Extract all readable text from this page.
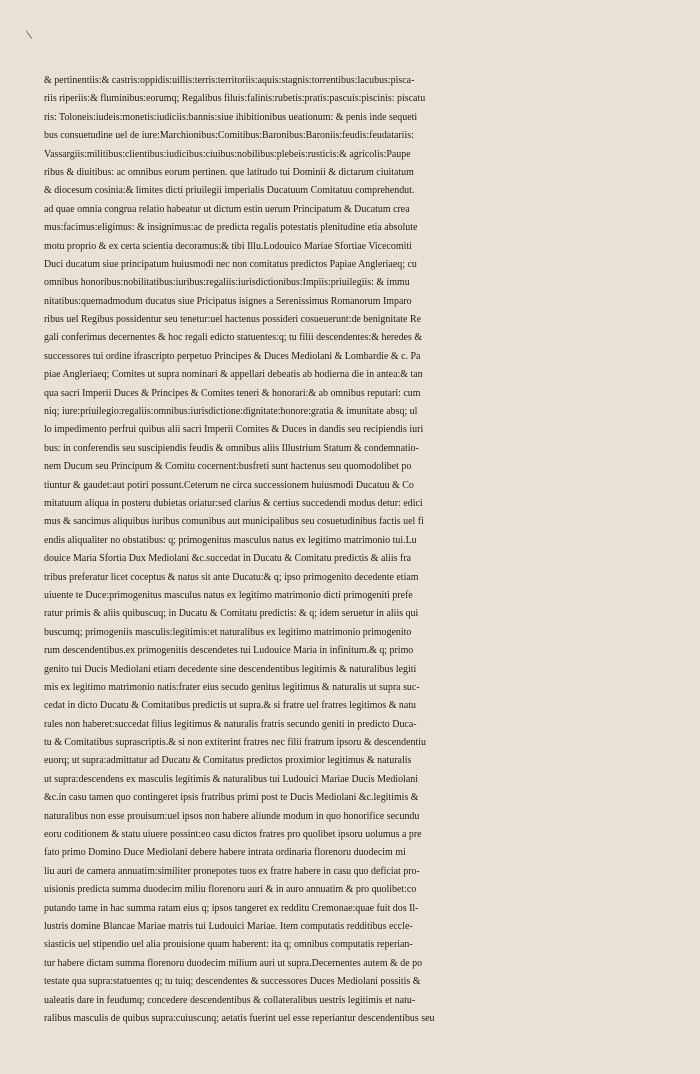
& pertinentiis:& castris:oppidis:uillis:terris:territoriis:aquis:stagnis:torrentibus:lacubus:pisca-
riis riperiis:& fluminibus:eorumq; Regalibus filuis:falinis:rubetis:pratis:pascuis:piscinis: piscatu
ris: Toloneis:iudeis:monetis:iudiciis:bannis:siue ihibitionibus ueationum: & penis inde sequeti
bus consuetudine uel de iure:Marchionibus:Comitibus:Baronibus:Baroniis:feudis:feudatariis:
Vassargiis:militibus:clientibus:iudicibus:ciuibus:nobilibus:plebeis:rusticis:& agricolis:Paupe
ribus & diuitibus: ac omnibus eorum pertinen. que latitudo tui Dominii & dictarum ciuitatum
& diocesum cosinia:& limites dicti priuilegii imperialis Ducatuum Comitatuu comprehendut.
ad quae omnia congrua relatio habeatur ut dictum estin uerum Principatum & Ducatum crea
mus:facimus:eligimus: & insignimus:ac de predicta regalis potestatis plenitudine etia absolute
motu proprio & ex certa scientia decoramus:& tibi Illu.Lodouico Mariae Sfortiae Vicecomiti
Duci ducatum siue principatum huiusmodi nec non comitatus predictos Papiae Angleriaeq; cu
omnibus honoribus:nobilitatibus:iuribus:regaliis:iurisdictionibus:Impiis:priuilegiis: & immu
nitatibus:quemadmodum ducatus siue Pricipatus isignes a Serenissimus Romanorum Imparo
ribus uel Regibus possidentur seu tenetur:uel hactenus possideri cosueuerunt:de benignitate Re
gali conferimus decernentes & hoc regali edicto statuentes:q; tu filii descendentes:& heredes &
successores tui ordine ifrascripto perpetuo Principes & Duces Mediolani & Lombardie & c. Pa
piae Angleriaeq; Comites ut supra nominari & appellari debeatis ab hodierna die in antea:& tan
qua sacri Imperii Duces & Principes & Comites teneri & honorari:& ab omnibus reputari: cum
niq; iure:priuilegio:regaliis:omnibus:iurisdictione:dignitate:honore:gratia & imunitate absq; ul
lo impedimento perfrui quibus alii sacri Imperii Comites & Duces in dandis seu recipiendis iuri
bus: in conferendis seu suscipiendis feudis & omnibus aliis Illustrium Statum & condemnatio-
nem Ducum seu Principum & Comitu cocernent:busfreti sunt hactenus seu quomodolibet po
tiuntur & gaudet:aut potiri possunt.Ceterum ne circa successionem huiusmodi Ducatuu & Co
mitatuum aliqua in posteru dubietas oriatur:sed clarius & certius succedendi modus detur: edici
mus & sancimus aliquibus iuribus comunibus aut municipalibus seu cosuetudinibus factis uel fi
endis aliqualiter no obstatibus: q; primogenitus masculus natus ex legitimo matrimonio tui.Lu
douice Maria Sfortia Dux Mediolani &c.succedat in Ducatu & Comitatu predictis & aliis fra
tribus preferatur licet coceptus & natus sit ante Ducatu:& q; ipso primogenito decedente etiam
uiuente te Duce:primogenitus masculus natus ex legitimo matrimonio dicti primogeniti prefe
ratur primis & aliis quibuscuq; in Ducatu & Comitatu predictis: & q; idem seruetur in aliis qui
buscumq; primogeniis masculis:legitimis:et naturalibus ex legitimo matrimonio primogenito
rum descendentibus.ex primogenitis descendetes tui Ludouice Maria in infinitum.& q; primo
genito tui Ducis Mediolani etiam decedente sine descendentibus legitimis & naturalibus legiti
mis ex legitimo matrimonio natis:frater eius secudo genitus legitimus & naturalis ut supra suc-
cedat in dicto Ducatu & Comitatibus predictis ut supra.& si fratre uel fratres legitimos & natu
rales non haberet:succedat filius legitimus & naturalis fratris secundo geniti in predicto Duca-
tu & Comitatibus suprascriptis.& si non extiterint fratres nec filii fratrum ipsoru & descendentiu
euorq; ut supra:admittatur ad Ducatu & Comitatus predictos proximior legitimus & naturalis
ut supra:descendens ex masculis legitimis & naturalibus tui Ludouici Mariae Ducis Mediolani
&c.in casu tamen quo contingeret ipsis fratribus primi post te Ducis Mediolani &c.legitimis &
naturalibus non esse prouisum:uel ipsos non habere aliunde modum in quo honorifice secundu
eoru coditionem & statu uiuere possint:eo casu dictos fratres pro quolibet ipsoru uolumus a pre
fato primo Domino Duce Mediolani debere habere intrata ordinaria florenoru duodecim mi
liu auri de camera annuatim:similiter pronepotes tuos ex fratre habere in casu quo deficiat pro-
uisionis predicta summa duodecim miliu florenoru auri & in auro annuatim & pro quolibet:co
putando tame in hac summa ratam eius q; ipsos tangeret ex redditu Cremonae:quae fuit dos Il-
lustris domine Blancae Mariae matris tui Ludouici Mariae. Item computatis redditibus eccle-
siasticis uel stipendio uel alia prouisione quam haberent: ita q; omnibus computatis reperian-
tur habere dictam summa florenoru duodecim milium auri ut supra.Decernentes autem & de po
testate qua supra:statuentes q; tu tuiq; descendentes & successores Duces Mediolani possitis &
ualeatis dare in feudumq; concedere descendentibus & collateralibus uestris legitimis et natu-
ralibus masculis de quibus supra:cuiuscunq; aetatis fuerint uel esse reperiantur descendentibus seu
